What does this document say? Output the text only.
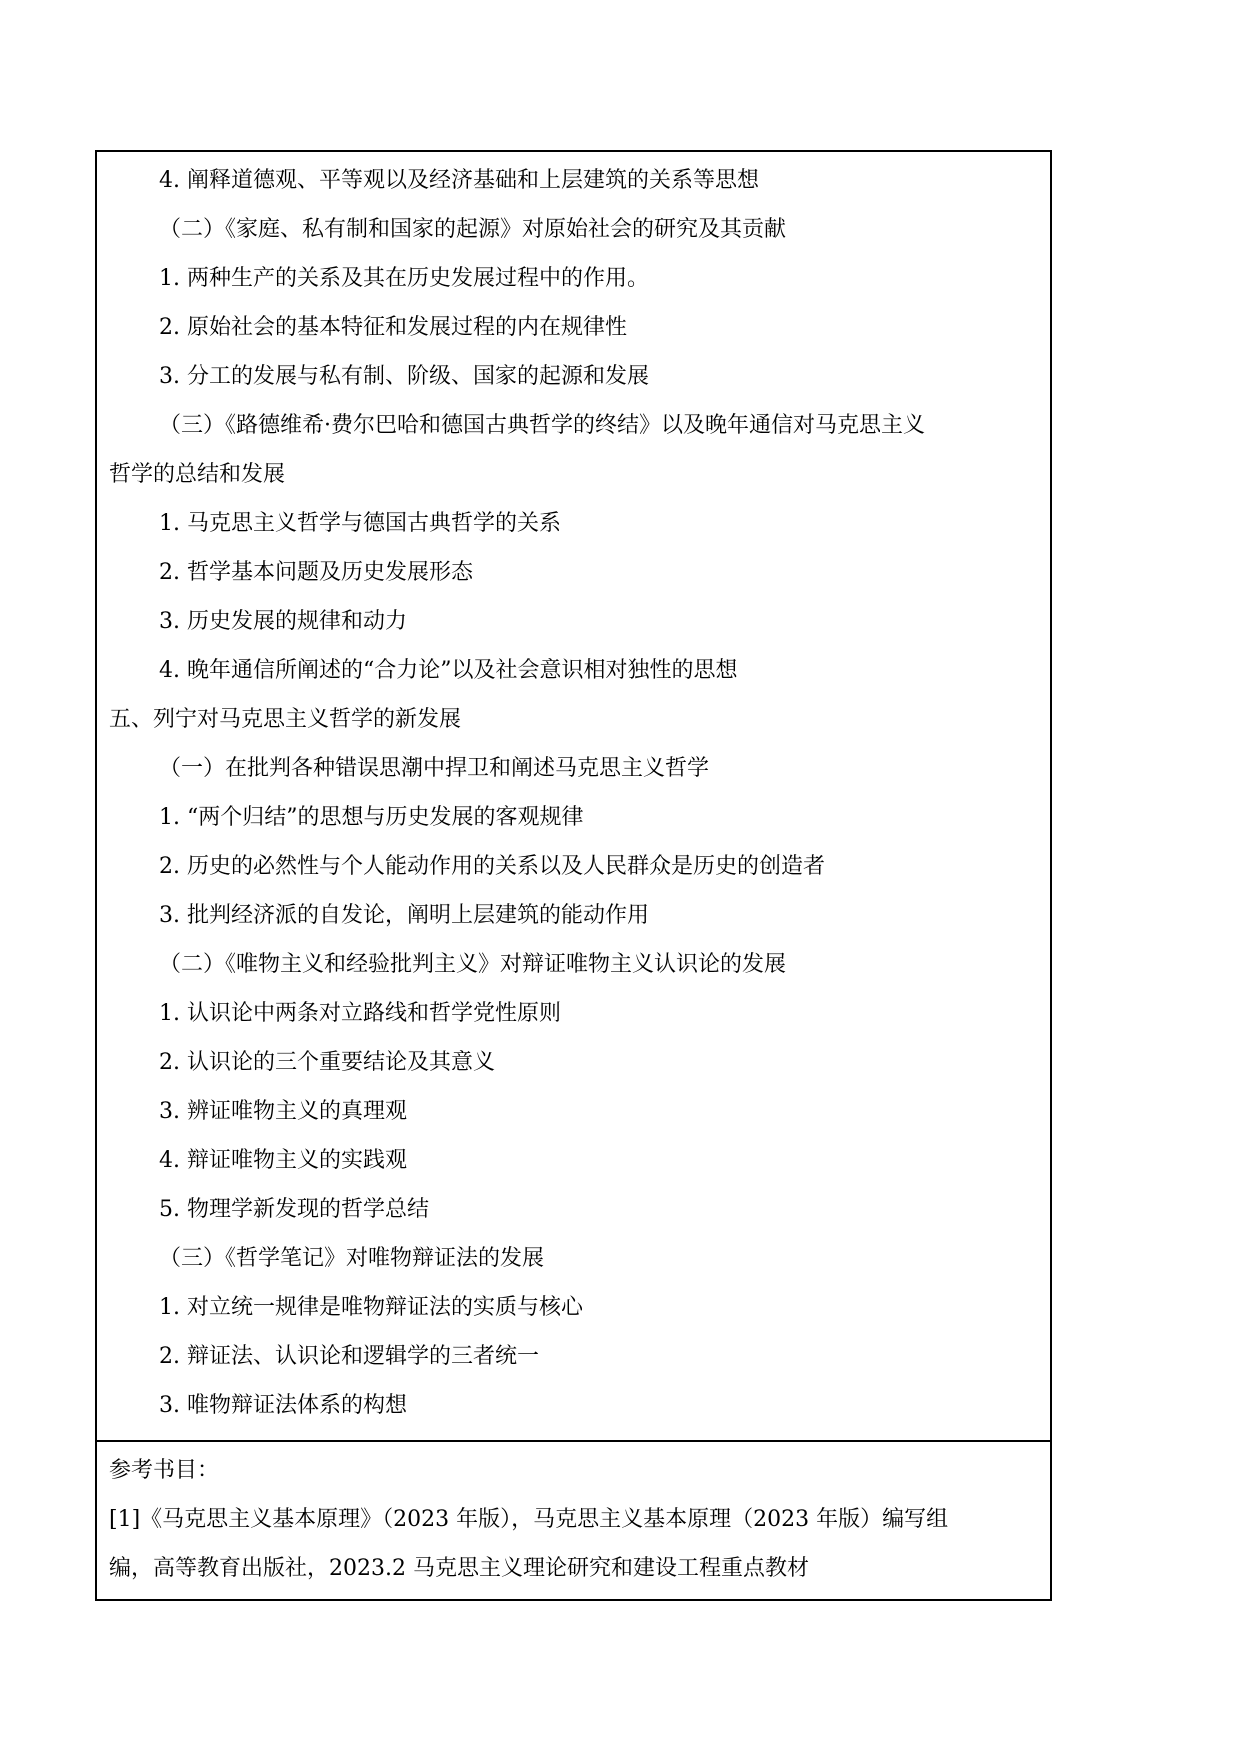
4. 阐释道德观、平等观以及经济基础和上层建筑的关系等思想
（二）《家庭、私有制和国家的起源》对原始社会的研究及其贡献
1. 两种生产的关系及其在历史发展过程中的作用。
2. 原始社会的基本特征和发展过程的内在规律性
3. 分工的发展与私有制、阶级、国家的起源和发展
（三）《路德维希·费尔巴哈和德国古典哲学的终结》以及晚年通信对马克思主义
哲学的总结和发展
1. 马克思主义哲学与德国古典哲学的关系
2. 哲学基本问题及历史发展形态
3. 历史发展的规律和动力
4. 晚年通信所阐述的“合力论”以及社会意识相对独性的思想
五、列宁对马克思主义哲学的新发展
（一）在批判各种错误思潮中捍卫和阐述马克思主义哲学
1. “两个归结”的思想与历史发展的客观规律
2. 历史的必然性与个人能动作用的关系以及人民群众是历史的创造者
3. 批判经济派的自发论，阐明上层建筑的能动作用
（二）《唯物主义和经验批判主义》对辩证唯物主义认识论的发展
1. 认识论中两条对立路线和哲学党性原则
2. 认识论的三个重要结论及其意义
3. 辨证唯物主义的真理观
4. 辩证唯物主义的实践观
5. 物理学新发现的哲学总结
（三）《哲学笔记》对唯物辩证法的发展
1. 对立统一规律是唯物辩证法的实质与核心
2. 辩证法、认识论和逻辑学的三者统一
3. 唯物辩证法体系的构想
参考书目：
[1]《马克思主义基本原理》（2023 年版），马克思主义基本原理（2023 年版）编写组
编，高等教育出版社，2023.2 马克思主义理论研究和建设工程重点教材
